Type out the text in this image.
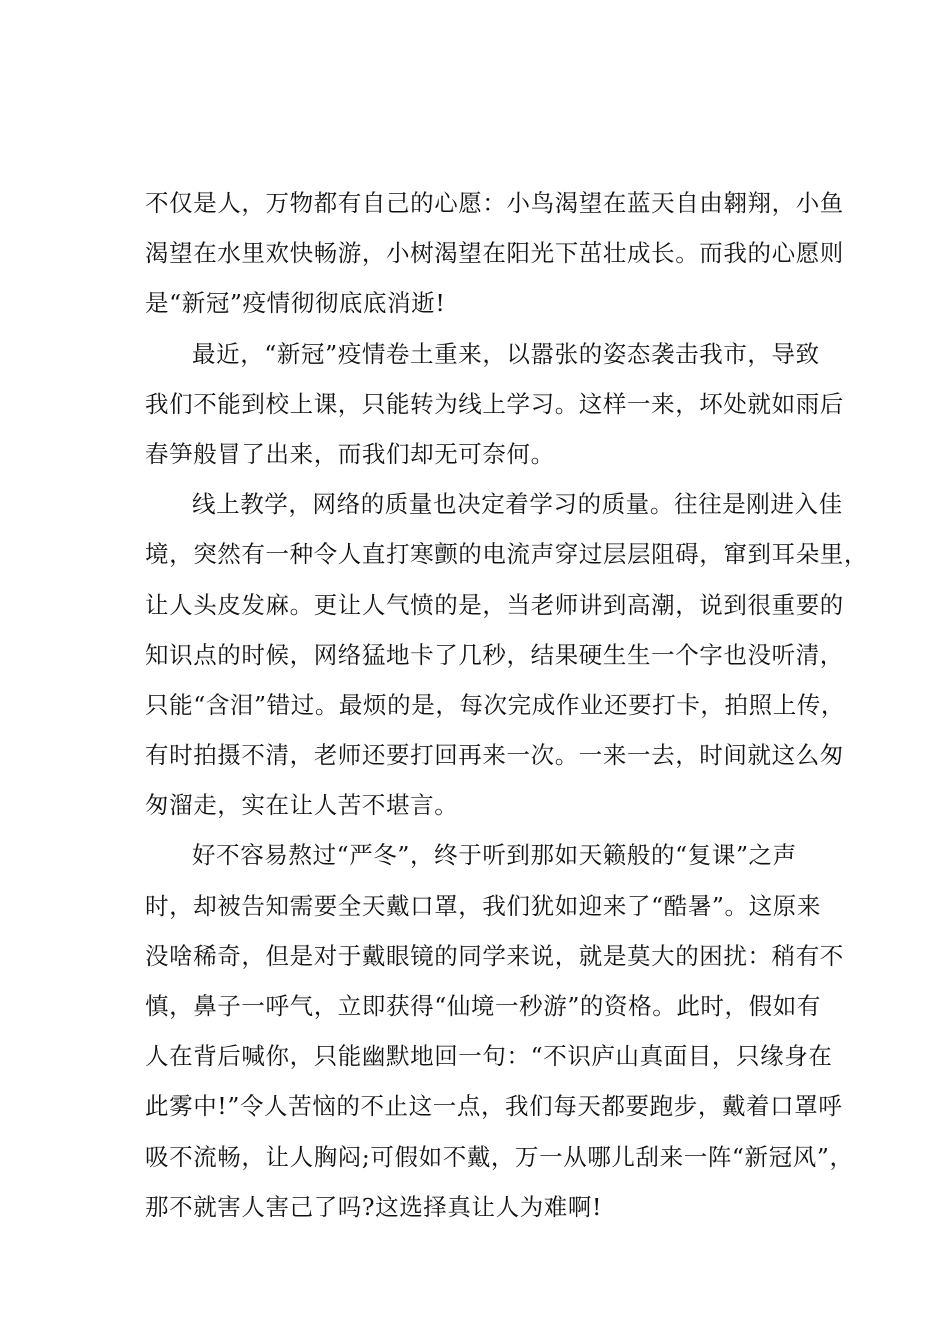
不仅是人，万物都有自己的心愿：小鸟渴望在蓝天自由翱翔，小鱼
渴望在水里欢快畅游，小树渴望在阳光下茁壮成长。而我的心愿则
是“新冠”疫情彻彻底底消逝!
最近，“新冠”疫情卷土重来，以嚣张的姿态袭击我市，导致
我们不能到校上课，只能转为线上学习。这样一来，坏处就如雨后
春笋般冒了出来，而我们却无可奈何。
线上教学，网络的质量也决定着学习的质量。往往是刚进入佳
境，突然有一种令人直打寒颤的电流声穿过层层阻碍，窜到耳朵里，
让人头皮发麻。更让人气愤的是，当老师讲到高潮，说到很重要的
知识点的时候，网络猛地卡了几秒，结果硬生生一个字也没听清，
只能“含泪”错过。最烦的是，每次完成作业还要打卡，拍照上传，
有时拍摄不清，老师还要打回再来一次。一来一去，时间就这么匆
匆溜走，实在让人苦不堪言。
好不容易熬过“严冬”，终于听到那如天籁般的“复课”之声
时，却被告知需要全天戴口罩，我们犹如迎来了“酷暑”。这原来
没啥稀奇，但是对于戴眼镜的同学来说，就是莫大的困扰：稍有不
慎，鼻子一呼气，立即获得“仙境一秒游”的资格。此时，假如有
人在背后喊你，只能幽默地回一句：“不识庐山真面目，只缘身在
此雾中!”令人苦恼的不止这一点，我们每天都要跑步，戴着口罩呼
吸不流畅，让人胸闷;可假如不戴，万一从哪儿刮来一阵“新冠风”，
那不就害人害己了吗?这选择真让人为难啊!
